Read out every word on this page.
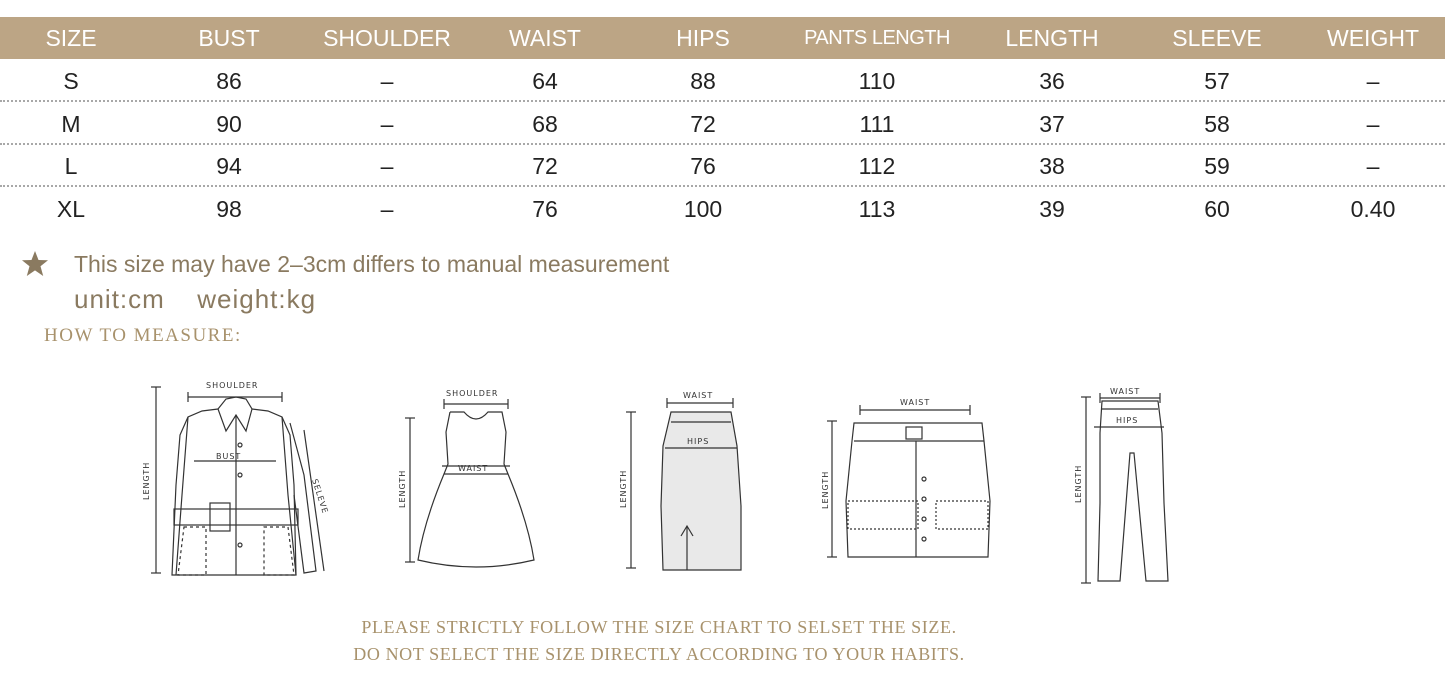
SIZE	BUST	SHOULDER	WAIST	HIPS	PANTS LENGTH	LENGTH	SLEEVE	WEIGHT
S	86	–	64	88	110	36	57	–
M	90	–	68	72	111	37	58	–
L	94	–	72	76	112	38	59	–
XL	98	–	76	100	113	39	60	0.40
This size may have 2–3cm differs to manual measurement
unit:cm  weight:kg
HOW TO MEASURE:
SHOULDER
BUST
LENGTH	SELEVE
SHOULDER
WAIST
LENGTH
WAIST
HIPS
LENGTH
WAIST
LENGTH
WAIST
HIPS
LENGTH
PLEASE STRICTLY FOLLOW THE SIZE CHART TO SELSET THE SIZE.
DO NOT SELECT THE SIZE DIRECTLY ACCORDING TO YOUR HABITS.
